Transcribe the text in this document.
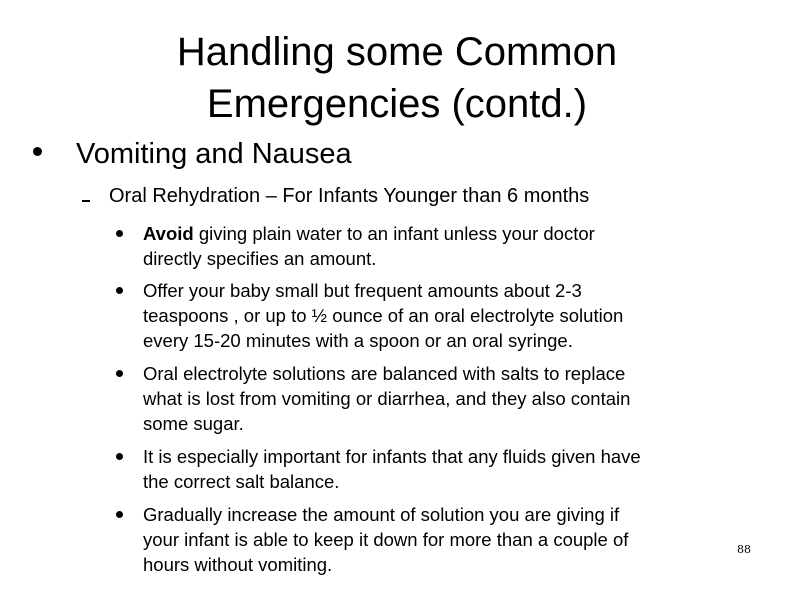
Handling some Common
Emergencies (contd.)
Vomiting and Nausea
Oral Rehydration – For Infants Younger than 6 months
Avoid giving plain water to an infant unless your doctor
directly specifies an amount.
Offer your baby small but frequent amounts about 2-3
teaspoons , or up to ½ ounce of an oral electrolyte solution
every 15-20 minutes with a spoon or an oral syringe.
Oral electrolyte solutions are balanced with salts to replace
what is lost from vomiting or diarrhea, and they also contain
some sugar.
It is especially important for infants that any fluids given have
the correct salt balance.
Gradually increase the amount of solution you are giving if
your infant is able to keep it down for more than a couple of
hours without vomiting.
88
